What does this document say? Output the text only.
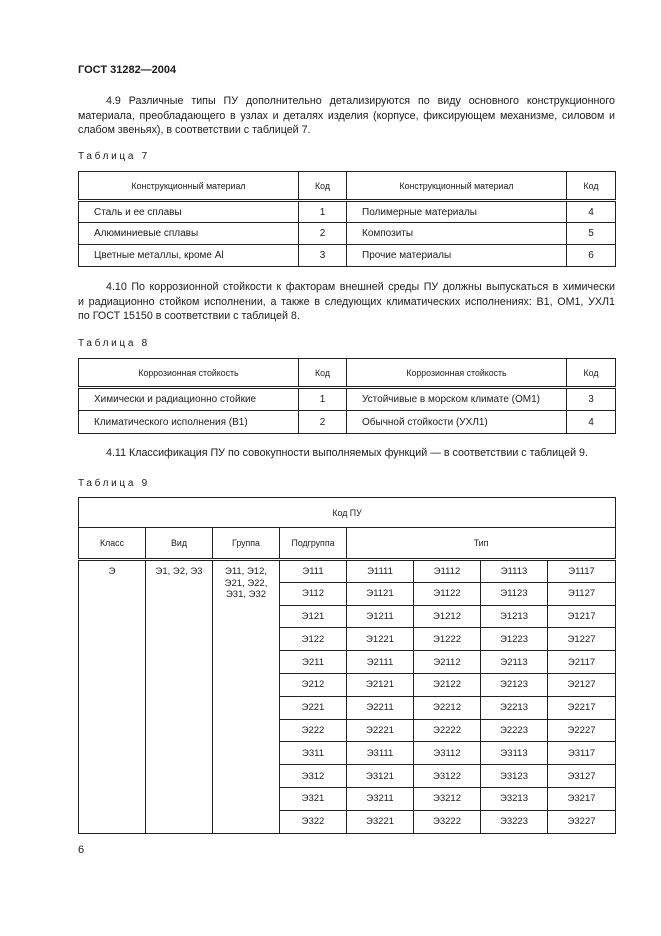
ГОСТ 31282—2004
4.9 Различные типы ПУ дополнительно детализируются по виду основного конструкционного
материала, преобладающего в узлах и деталях изделия (корпусе, фиксирующем механизме, силовом и
слабом звеньях), в соответствии с таблицей 7.
Таблица 7
Конструкционный материал	Код	Конструкционный материал	Код
Сталь и ее сплавы	1	Полимерные материалы	4
Алюминиевые сплавы	2	Композиты	5
Цветные металлы, кроме Al	3	Прочие материалы	6
4.10 По коррозионной стойкости к факторам внешней среды ПУ должны выпускаться в химически
и радиационно стойком исполнении, а также в следующих климатических исполнениях: В1, ОМ1, УХЛ1
по ГОСТ 15150 в соответствии с таблицей 8.
Таблица 8
Коррозионная стойкость	Код	Коррозионная стойкость	Код
Химически и радиационно стойкие	1	Устойчивые в морском климате (ОМ1)	3
Климатического исполнения (В1)	2	Обычной стойкости (УХЛ1)	4
4.11 Классификация ПУ по совокупности выполняемых функций — в соответствии с таблицей 9.
Таблица 9
Код ПУ							
Класс	Вид	Группа	Подгруппа	Тип			
Э	Э1, Э2, Э3	Э11, Э12, Э21, Э22, Э31, Э32	Э111	Э1111	Э1112	Э1113	Э1117
			Э112	Э1121	Э1122	Э1123	Э1127
			Э121	Э1211	Э1212	Э1213	Э1217
			Э122	Э1221	Э1222	Э1223	Э1227
			Э211	Э2111	Э2112	Э2113	Э2117
			Э212	Э2121	Э2122	Э2123	Э2127
			Э221	Э2211	Э2212	Э2213	Э2217
			Э222	Э2221	Э2222	Э2223	Э2227
			Э311	Э3111	Э3112	Э3113	Э3117
			Э312	Э3121	Э3122	Э3123	Э3127
			Э321	Э3211	Э3212	Э3213	Э3217
			Э322	Э3221	Э3222	Э3223	Э3227
6
